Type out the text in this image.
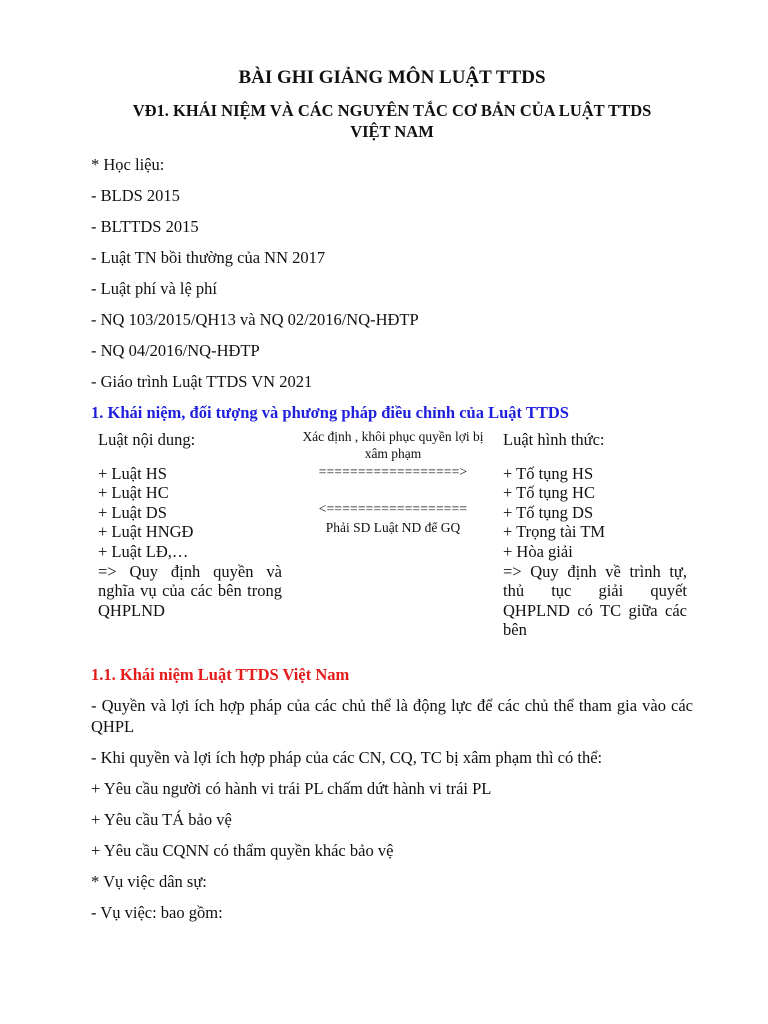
BÀI GHI GIẢNG MÔN LUẬT TTDS
VĐ1. KHÁI NIỆM VÀ CÁC NGUYÊN TẮC CƠ BẢN CỦA LUẬT TTDS
VIỆT NAM
* Học liệu:
- BLDS 2015
- BLTTDS 2015
- Luật TN bồi thường của NN 2017
- Luật phí và lệ phí
- NQ 103/2015/QH13 và NQ 02/2016/NQ-HĐTP
- NQ 04/2016/NQ-HĐTP
- Giáo trình Luật TTDS VN 2021
1. Khái niệm, đối tượng và phương pháp điều chỉnh của Luật TTDS
Luật nội dung:
+ Luật HS
+ Luật HC
+ Luật DS
+ Luật HNGĐ
+ Luật LĐ,…
=> Quy định quyền và nghĩa vụ của các bên trong QHPLND
Xác định , khôi phục quyền lợi bị xâm phạm
==================>
<==================
Phải SD Luật ND để GQ
Luật hình thức:
+ Tố tụng HS
+ Tố tụng HC
+ Tố tụng DS
+ Trọng tài TM
+ Hòa giải
=> Quy định về trình tự, thủ tục giải quyết QHPLND có TC giữa các bên
1.1. Khái niệm Luật TTDS Việt Nam
- Quyền và lợi ích hợp pháp của các chủ thể là động lực để các chủ thể tham gia vào các QHPL
- Khi quyền và lợi ích hợp pháp của các CN, CQ, TC bị xâm phạm thì có thể:
+ Yêu cầu người có hành vi trái PL chấm dứt hành vi trái PL
+ Yêu cầu TÁ bảo vệ
+ Yêu cầu CQNN có thẩm quyền khác bảo vệ
* Vụ việc dân sự:
- Vụ việc: bao gồm:
